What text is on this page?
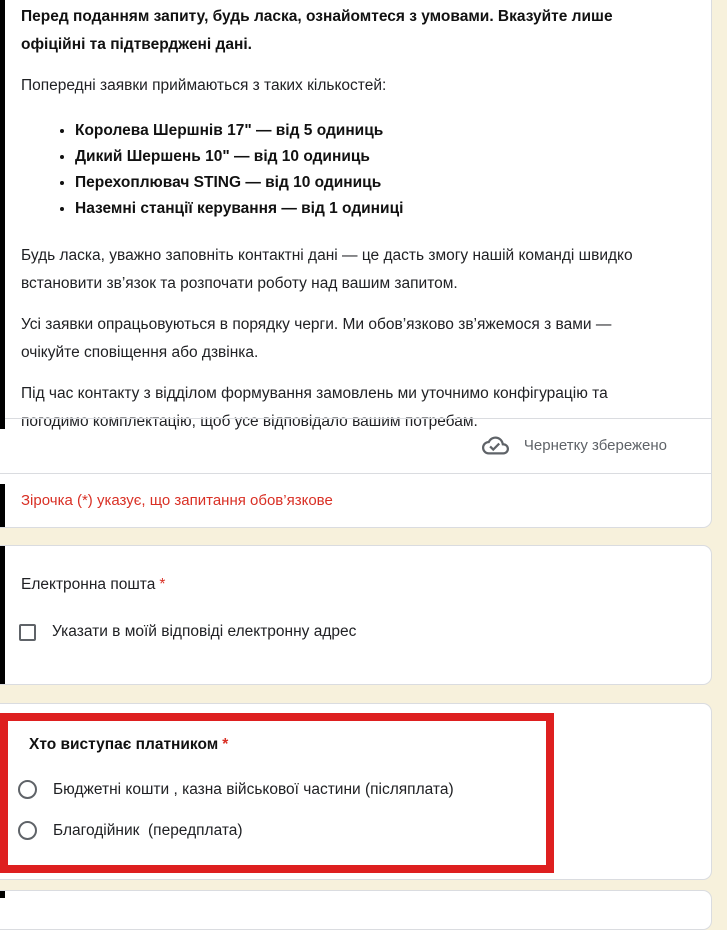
Перед поданням запиту, будь ласка, ознайомтеся з умовами. Вказуйте лише офіційні та підтверджені дані.

Попередні заявки приймаються з таких кількостей:

• Королева Шершнів 17" — від 5 одиниць
• Дикий Шершень 10" — від 10 одиниць
• Перехоплювач STING — від 10 одиниць
• Наземні станції керування — від 1 одиниці

Будь ласка, уважно заповніть контактні дані — це дасть змогу нашій команді швидко встановити зв’язок та розпочати роботу над вашим запитом.

Усі заявки опрацьовуються в порядку черги. Ми обов’язково зв’яжемося з вами — очікуйте сповіщення або дзвінка.

Під час контакту з відділом формування замовлень ми уточнимо конфігурацію та погодимо комплектацію, щоб усе відповідало вашим потребам.

Чернетку збережено
Зірочка (*) указує, що запитання обов’язкове
Електронна пошта *
Указати в моїй відповіді електронну адрес
Хто виступає платником *
Бюджетні кошти , казна військової частини (післяплата)
Благодійник  (передплата)
